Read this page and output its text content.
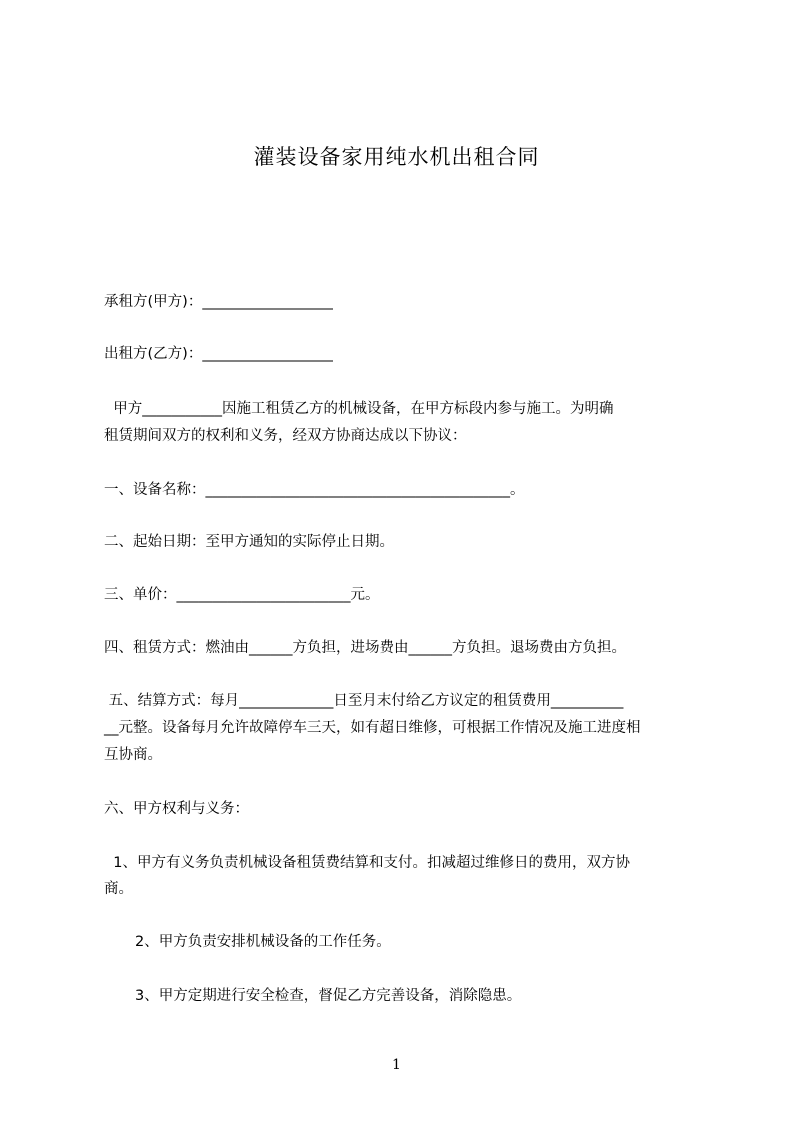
灌装设备家用纯水机出租合同
承租方(甲方)：__________________
出租方(乙方)：__________________
甲方___________因施工租赁乙方的机械设备，在甲方标段内参与施工。为明确
租赁期间双方的权利和义务，经双方协商达成以下协议：
一、设备名称：__________________________________________。
二、起始日期：至甲方通知的实际停止日期。
三、单价：________________________元。
四、租赁方式：燃油由______方负担，进场费由______方负担。退场费由方负担。
五、结算方式：每月_____________日至月末付给乙方议定的租赁费用__________
__元整。设备每月允许故障停车三天，如有超日维修，可根据工作情况及施工进度相
互协商。
六、甲方权利与义务：
1、甲方有义务负责机械设备租赁费结算和支付。扣减超过维修日的费用，双方协
商。
2、甲方负责安排机械设备的工作任务。
3、甲方定期进行安全检查，督促乙方完善设备，消除隐患。
1
